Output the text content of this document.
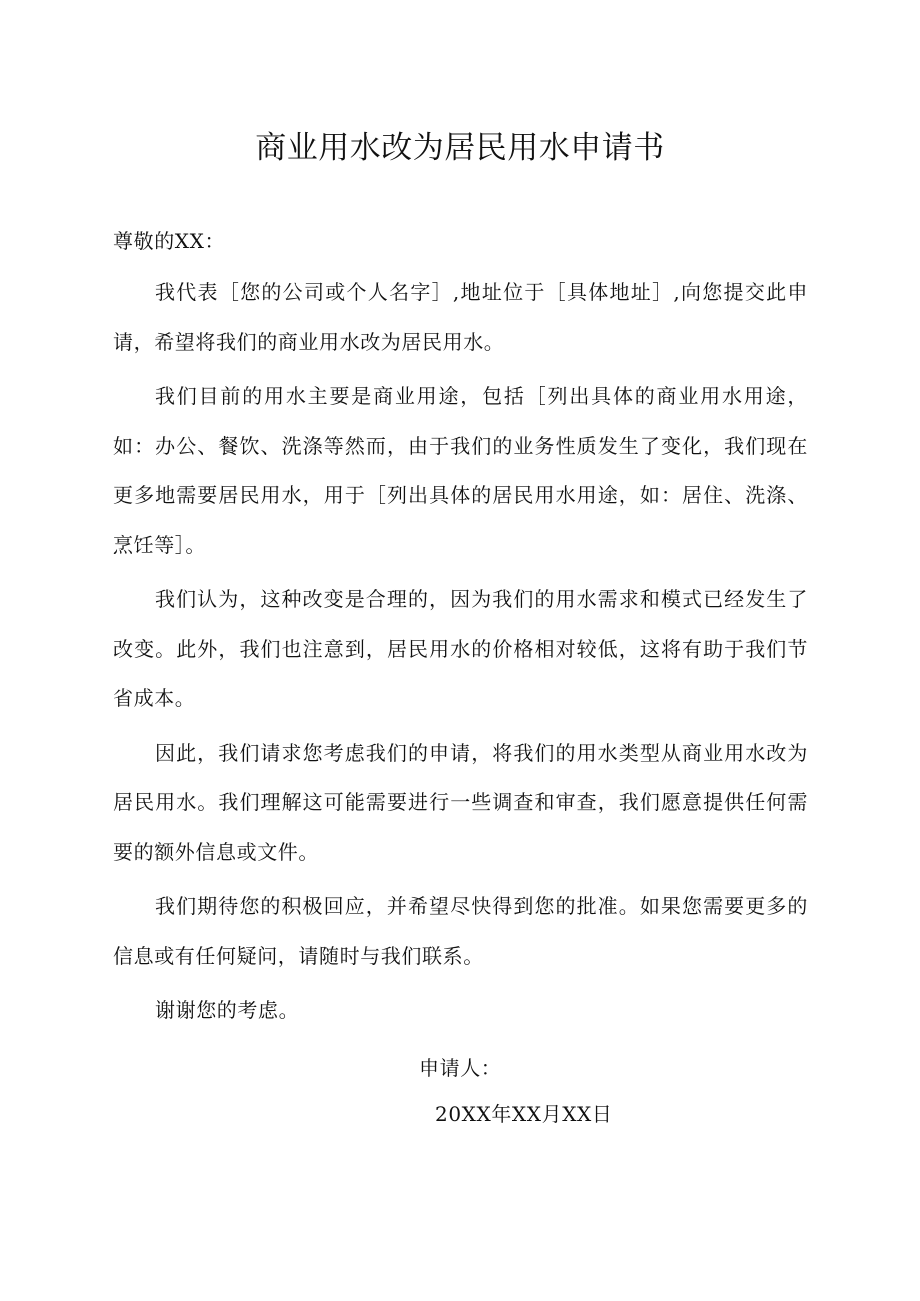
商业用水改为居民用水申请书
尊敬的XX：

我代表［您的公司或个人名字］,地址位于［具体地址］,向您提交此申请，希望将我们的商业用水改为居民用水。

我们目前的用水主要是商业用途，包括［列出具体的商业用水用途，如：办公、餐饮、洗涤等然而，由于我们的业务性质发生了变化，我们现在更多地需要居民用水，用于［列出具体的居民用水用途，如：居住、洗涤、烹饪等］。

我们认为，这种改变是合理的，因为我们的用水需求和模式已经发生了改变。此外，我们也注意到，居民用水的价格相对较低，这将有助于我们节省成本。

因此，我们请求您考虑我们的申请，将我们的用水类型从商业用水改为居民用水。我们理解这可能需要进行一些调查和审查，我们愿意提供任何需要的额外信息或文件。

我们期待您的积极回应，并希望尽快得到您的批准。如果您需要更多的信息或有任何疑问，请随时与我们联系。

谢谢您的考虑。

申请人：
20XX年XX月XX日
